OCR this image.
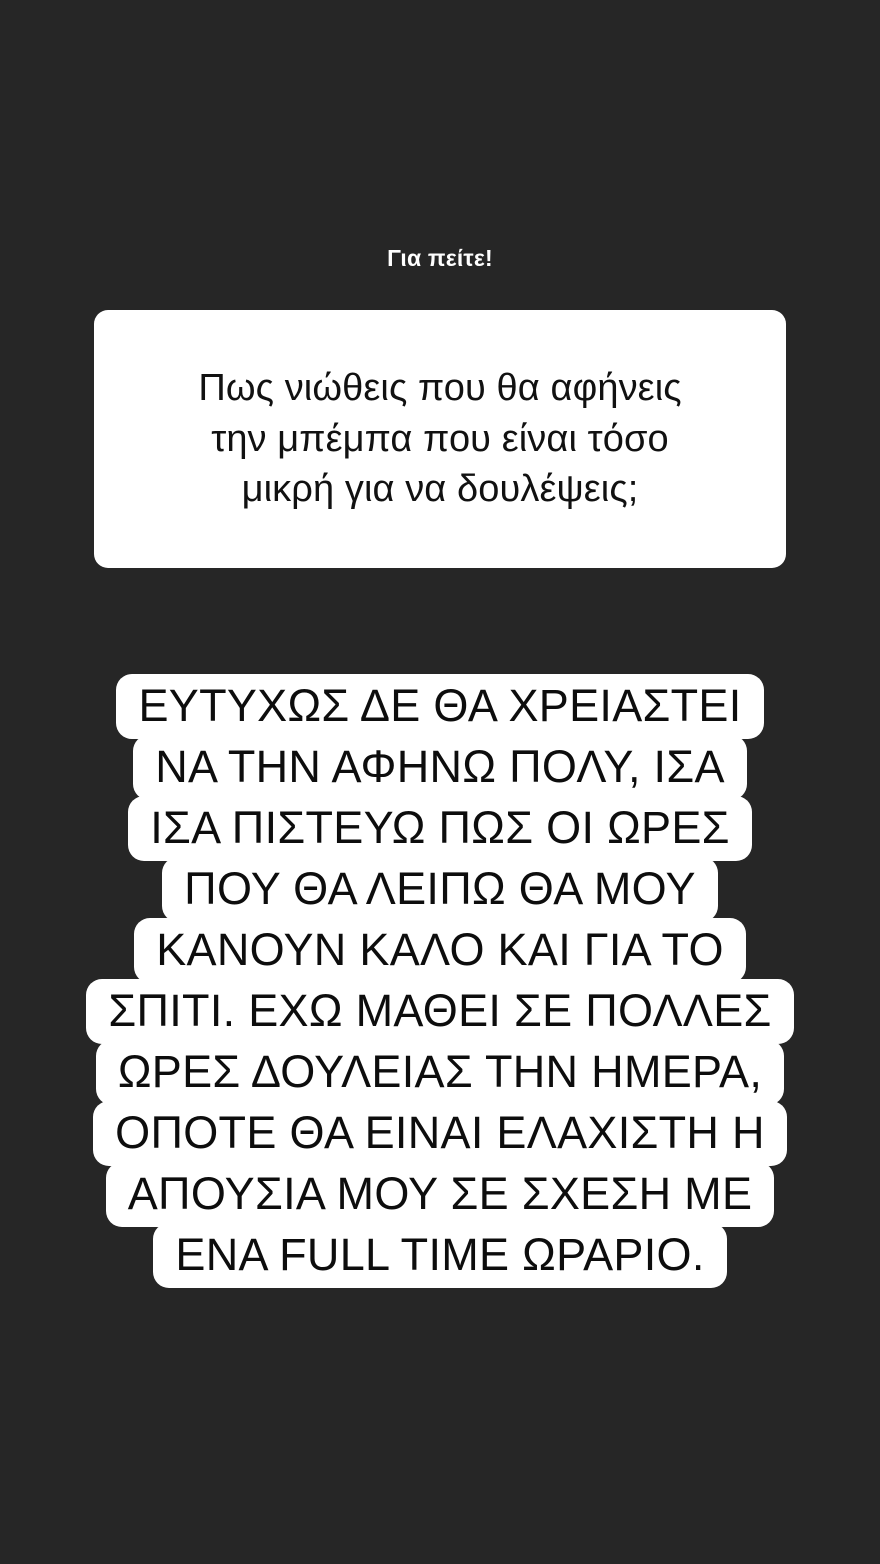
Για πείτε!
Πως νιώθεις που θα αφήνεις
την μπέμπα που είναι τόσο
μικρή για να δουλέψεις;
ΕΥΤΥΧΩΣ ΔΕ ΘΑ ΧΡΕΙΑΣΤΕΙ
ΝΑ ΤΗΝ ΑΦΗΝΩ ΠΟΛΥ, ΙΣΑ
ΙΣΑ ΠΙΣΤΕΥΩ ΠΩΣ ΟΙ ΩΡΕΣ
ΠΟΥ ΘΑ ΛΕΙΠΩ ΘΑ ΜΟΥ
ΚΑΝΟΥΝ ΚΑΛΟ ΚΑΙ ΓΙΑ ΤΟ
ΣΠΙΤΙ. ΕΧΩ ΜΑΘΕΙ ΣΕ ΠΟΛΛΕΣ
ΩΡΕΣ ΔΟΥΛΕΙΑΣ ΤΗΝ ΗΜΕΡΑ,
ΟΠΟΤΕ ΘΑ ΕΙΝΑΙ ΕΛΑΧΙΣΤΗ Η
ΑΠΟΥΣΙΑ ΜΟΥ ΣΕ ΣΧΕΣΗ ΜΕ
ΕΝΑ FULL TIME ΩΡΑΡΙΟ.
